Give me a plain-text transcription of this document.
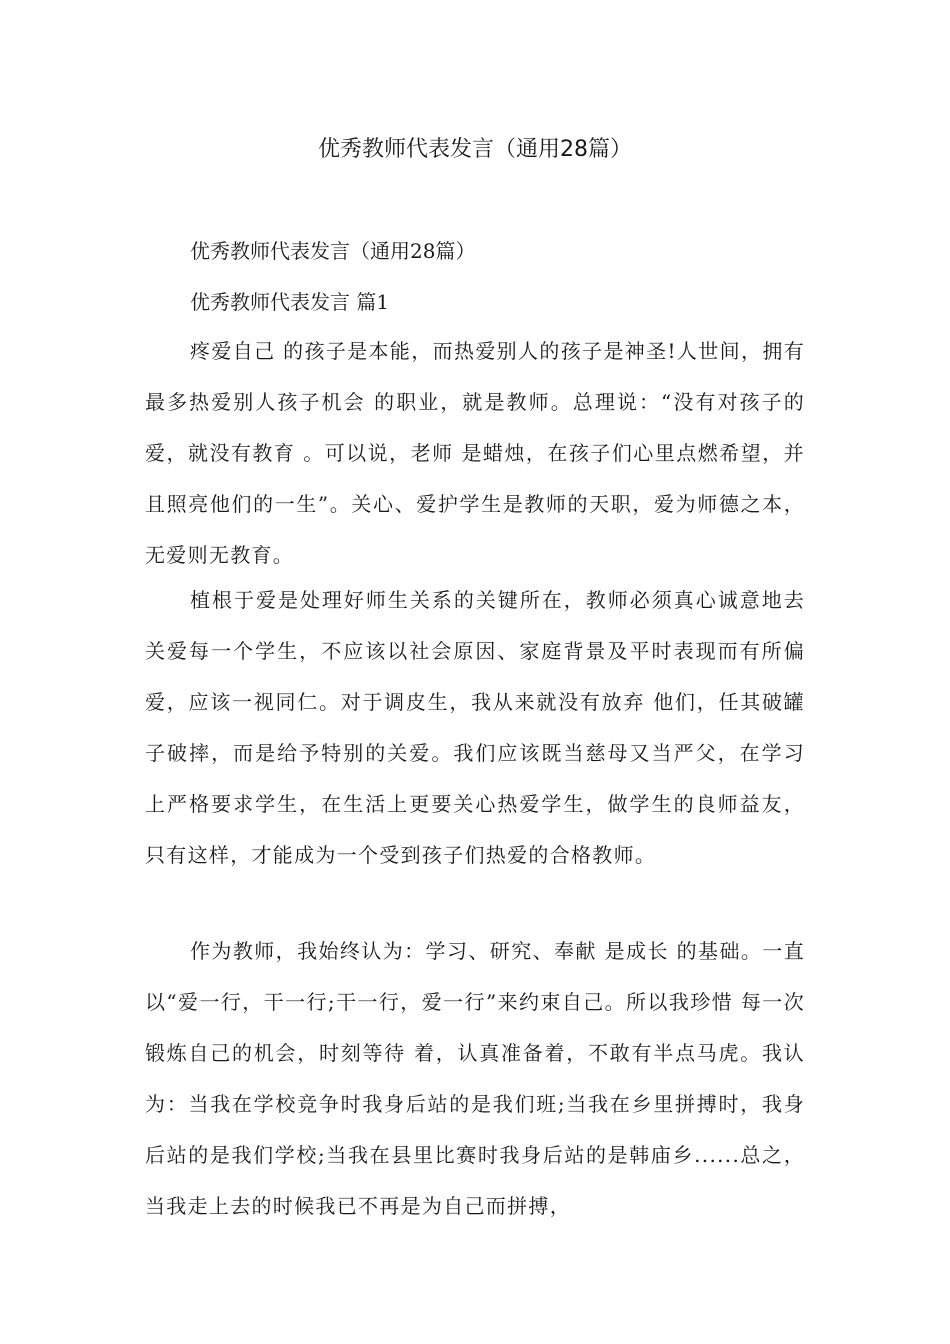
优秀教师代表发言（通用28篇）

优秀教师代表发言（通用28篇）

优秀教师代表发言 篇1

疼爱自己 的孩子是本能，而热爱别人的孩子是神圣!人世间，拥有最多热爱别人孩子机会 的职业，就是教师。总理说：“没有对孩子的爱，就没有教育 。可以说，老师 是蜡烛，在孩子们心里点燃希望，并且照亮他们的一生”。关心、爱护学生是教师的天职，爱为师德之本，无爱则无教育。

植根于爱是处理好师生关系的关键所在，教师必须真心诚意地去关爱每一个学生，不应该以社会原因、家庭背景及平时表现而有所偏爱，应该一视同仁。对于调皮生，我从来就没有放弃 他们，任其破罐子破摔，而是给予特别的关爱。我们应该既当慈母又当严父，在学习 上严格要求学生，在生活上更要关心热爱学生，做学生的良师益友，只有这样，才能成为一个受到孩子们热爱的合格教师。

作为教师，我始终认为：学习、研究、奉献 是成长 的基础。一直以“爱一行，干一行;干一行，爱一行”来约束自己。所以我珍惜 每一次锻炼自己的机会，时刻等待 着，认真准备着，不敢有半点马虎。我认为：当我在学校竞争时我身后站的是我们班;当我在乡里拼搏时，我身后站的是我们学校;当我在县里比赛时我身后站的是韩庙乡......总之，当我走上去的时候我已不再是为自己而拼搏，
